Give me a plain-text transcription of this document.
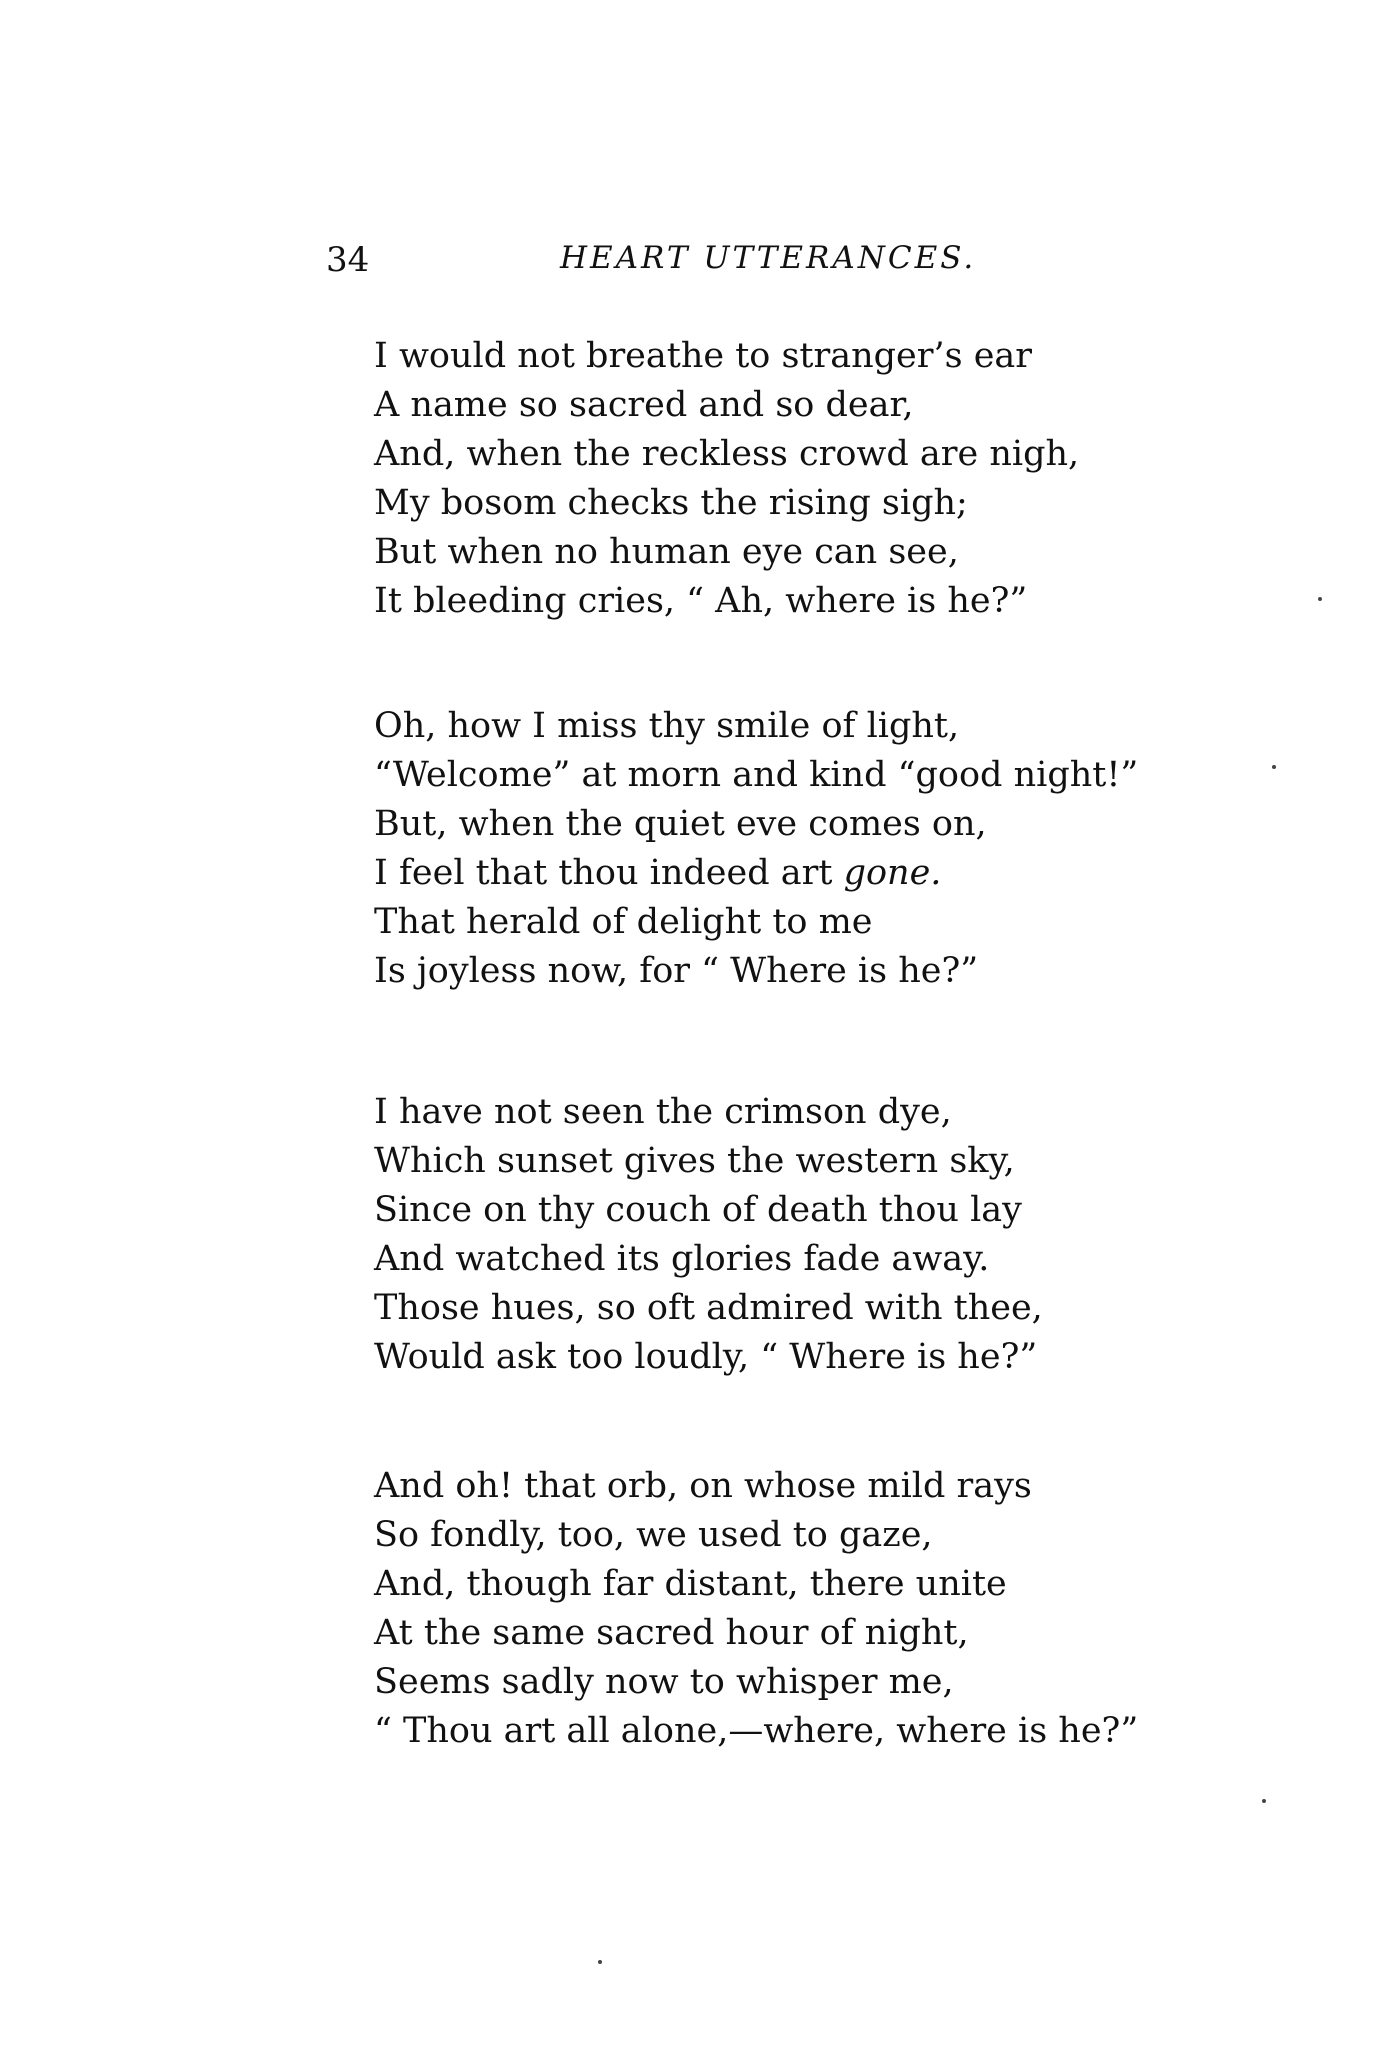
34	HEART UTTERANCES.
I would not breathe to stranger’s ear
A name so sacred and so dear,
And, when the reckless crowd are nigh,
My bosom checks the rising sigh;
But when no human eye can see,
It bleeding cries, “ Ah, where is he?”
Oh, how I miss thy smile of light,
“Welcome” at morn and kind “good night!”
But, when the quiet eve comes on,
I feel that thou indeed art gone.
That herald of delight to me
Is joyless now, for “ Where is he?”
I have not seen the crimson dye,
Which sunset gives the western sky,
Since on thy couch of death thou lay
And watched its glories fade away.
Those hues, so oft admired with thee,
Would ask too loudly, “ Where is he?”
And oh! that orb, on whose mild rays
So fondly, too, we used to gaze,
And, though far distant, there unite
At the same sacred hour of night,
Seems sadly now to whisper me,
“ Thou art all alone,—where, where is he?”
